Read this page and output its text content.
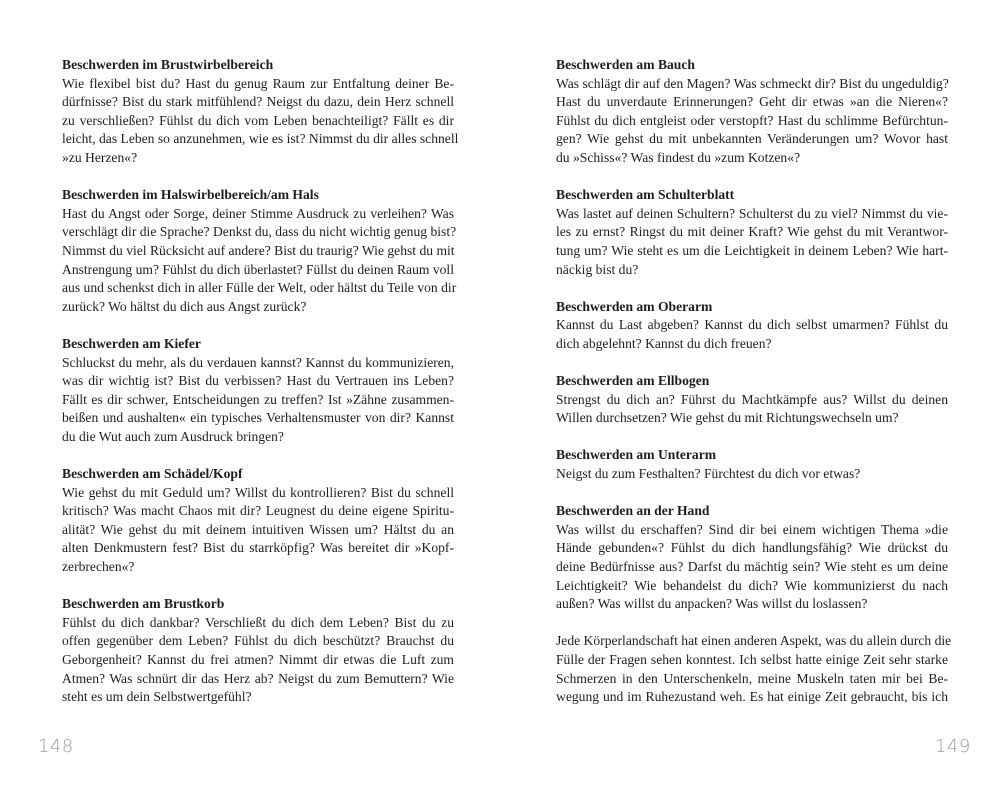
Beschwerden im Brustwirbelbereich
Wie flexibel bist du? Hast du genug Raum zur Entfaltung deiner Be-
dürfnisse? Bist du stark mitfühlend? Neigst du dazu, dein Herz schnell
zu verschließen? Fühlst du dich vom Leben benachteiligt? Fällt es dir
leicht, das Leben so anzunehmen, wie es ist? Nimmst du dir alles schnell
»zu Herzen«?
Beschwerden im Halswirbelbereich/am Hals
Hast du Angst oder Sorge, deiner Stimme Ausdruck zu verleihen? Was
verschlägt dir die Sprache? Denkst du, dass du nicht wichtig genug bist?
Nimmst du viel Rücksicht auf andere? Bist du traurig? Wie gehst du mit
Anstrengung um? Fühlst du dich überlastet? Füllst du deinen Raum voll
aus und schenkst dich in aller Fülle der Welt, oder hältst du Teile von dir
zurück? Wo hältst du dich aus Angst zurück?
Beschwerden am Kiefer
Schluckst du mehr, als du verdauen kannst? Kannst du kommunizieren,
was dir wichtig ist? Bist du verbissen? Hast du Vertrauen ins Leben?
Fällt es dir schwer, Entscheidungen zu treffen? Ist »Zähne zusammen-
beißen und aushalten« ein typisches Verhaltensmuster von dir? Kannst
du die Wut auch zum Ausdruck bringen?
Beschwerden am Schädel/Kopf
Wie gehst du mit Geduld um? Willst du kontrollieren? Bist du schnell
kritisch? Was macht Chaos mit dir? Leugnest du deine eigene Spiritu-
alität? Wie gehst du mit deinem intuitiven Wissen um? Hältst du an
alten Denkmustern fest? Bist du starrköpfig? Was bereitet dir »Kopf-
zerbrechen«?
Beschwerden am Brustkorb
Fühlst du dich dankbar? Verschließt du dich dem Leben? Bist du zu
offen gegenüber dem Leben? Fühlst du dich beschützt? Brauchst du
Geborgenheit? Kannst du frei atmen? Nimmt dir etwas die Luft zum
Atmen? Was schnürt dir das Herz ab? Neigst du zum Bemuttern? Wie
steht es um dein Selbstwertgefühl?
Beschwerden am Bauch
Was schlägt dir auf den Magen? Was schmeckt dir? Bist du ungeduldig?
Hast du unverdaute Erinnerungen? Geht dir etwas »an die Nieren«?
Fühlst du dich entgleist oder verstopft? Hast du schlimme Befürchtun-
gen? Wie gehst du mit unbekannten Veränderungen um? Wovor hast
du »Schiss«? Was findest du »zum Kotzen«?
Beschwerden am Schulterblatt
Was lastet auf deinen Schultern? Schulterst du zu viel? Nimmst du vie-
les zu ernst? Ringst du mit deiner Kraft? Wie gehst du mit Verantwor-
tung um? Wie steht es um die Leichtigkeit in deinem Leben? Wie hart-
näckig bist du?
Beschwerden am Oberarm
Kannst du Last abgeben? Kannst du dich selbst umarmen? Fühlst du
dich abgelehnt? Kannst du dich freuen?
Beschwerden am Ellbogen
Strengst du dich an? Führst du Machtkämpfe aus? Willst du deinen
Willen durchsetzen? Wie gehst du mit Richtungswechseln um?
Beschwerden am Unterarm
Neigst du zum Festhalten? Fürchtest du dich vor etwas?
Beschwerden an der Hand
Was willst du erschaffen? Sind dir bei einem wichtigen Thema »die
Hände gebunden«? Fühlst du dich handlungsfähig? Wie drückst du
deine Bedürfnisse aus? Darfst du mächtig sein? Wie steht es um deine
Leichtigkeit? Wie behandelst du dich? Wie kommunizierst du nach
außen? Was willst du anpacken? Was willst du loslassen?
Jede Körperlandschaft hat einen anderen Aspekt, was du allein durch die
Fülle der Fragen sehen konntest. Ich selbst hatte einige Zeit sehr starke
Schmerzen in den Unterschenkeln, meine Muskeln taten mir bei Be-
wegung und im Ruhezustand weh. Es hat einige Zeit gebraucht, bis ich
148	149
